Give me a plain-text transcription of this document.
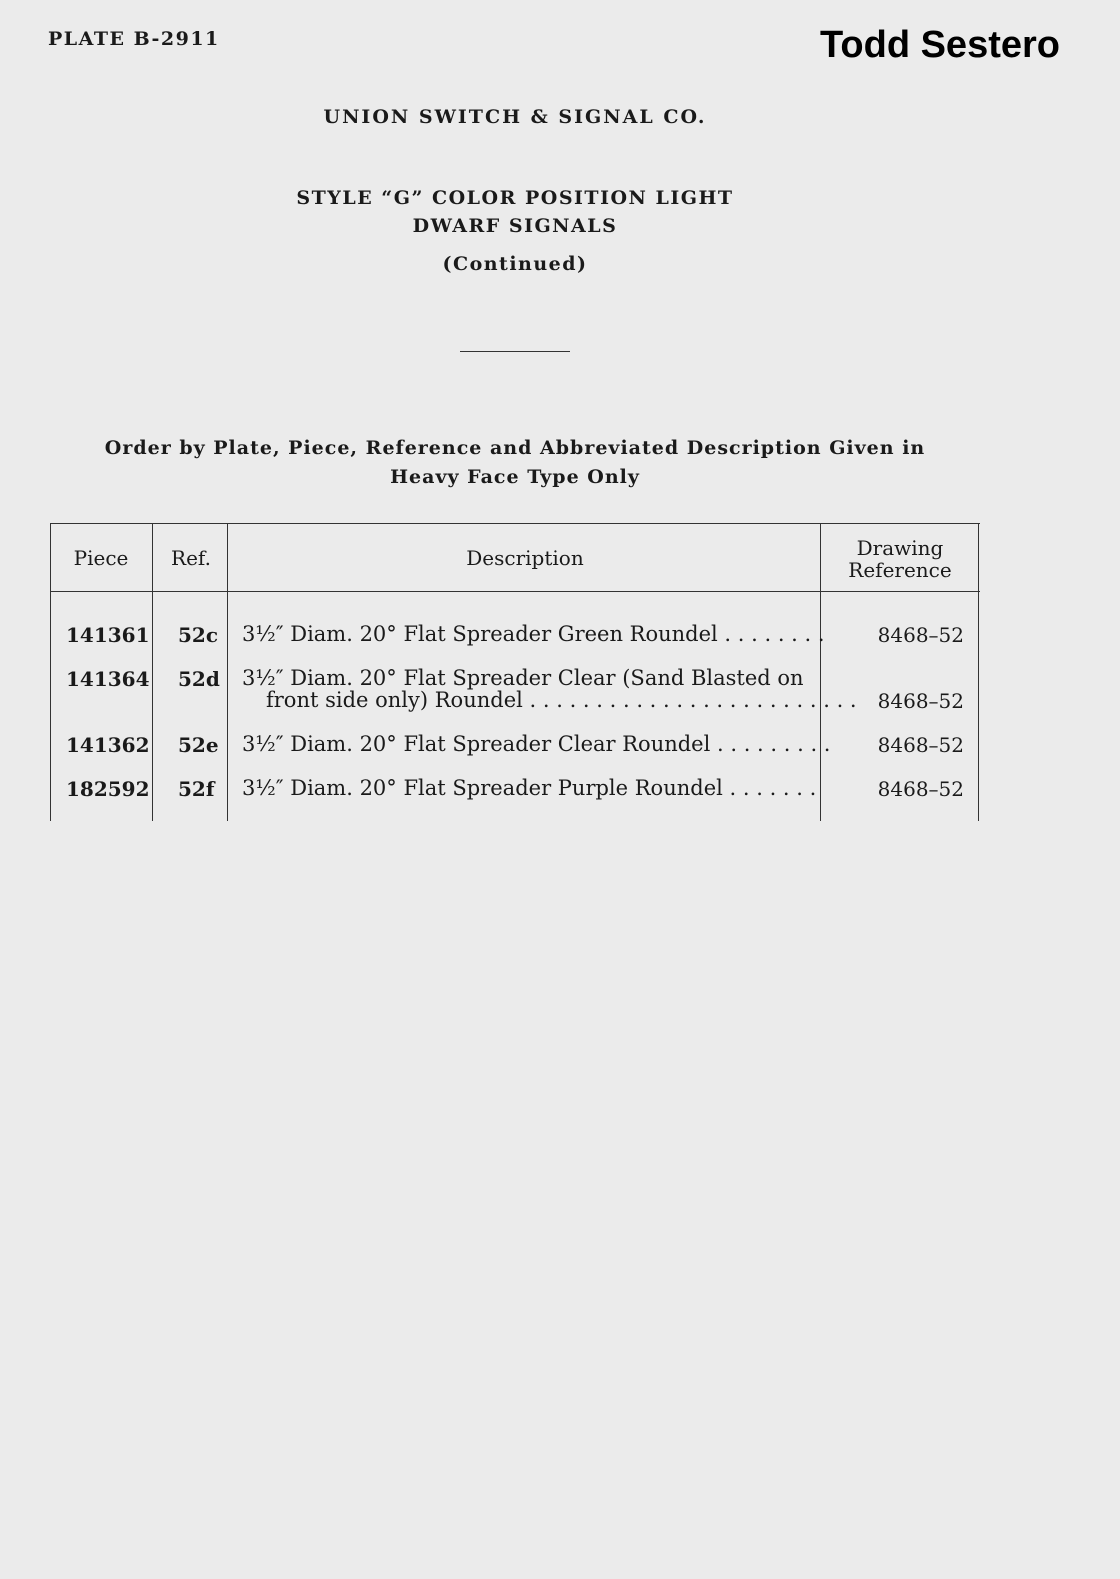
PLATE B-2911	Todd Sestero
UNION SWITCH & SIGNAL CO.
STYLE “G” COLOR POSITION LIGHT
DWARF SIGNALS
(Continued)
Order by Plate, Piece, Reference and Abbreviated Description Given in
Heavy Face Type Only
Piece	Ref.	Description	Drawing
Reference
141361 52c 3½″ Diam. 20° Flat Spreader Green Roundel . . . . . . . .	8468–52
141364 52d 3½″ Diam. 20° Flat Spreader Clear (Sand Blasted on
front side only) Roundel . . . . . . . . . . . . . . . . . . . . . . . . . 8468–52
141362 52e 3½″ Diam. 20° Flat Spreader Clear Roundel . . . . . . . . . 8468–52
182592 52f 3½″ Diam. 20° Flat Spreader Purple Roundel . . . . . . .	8468–52
